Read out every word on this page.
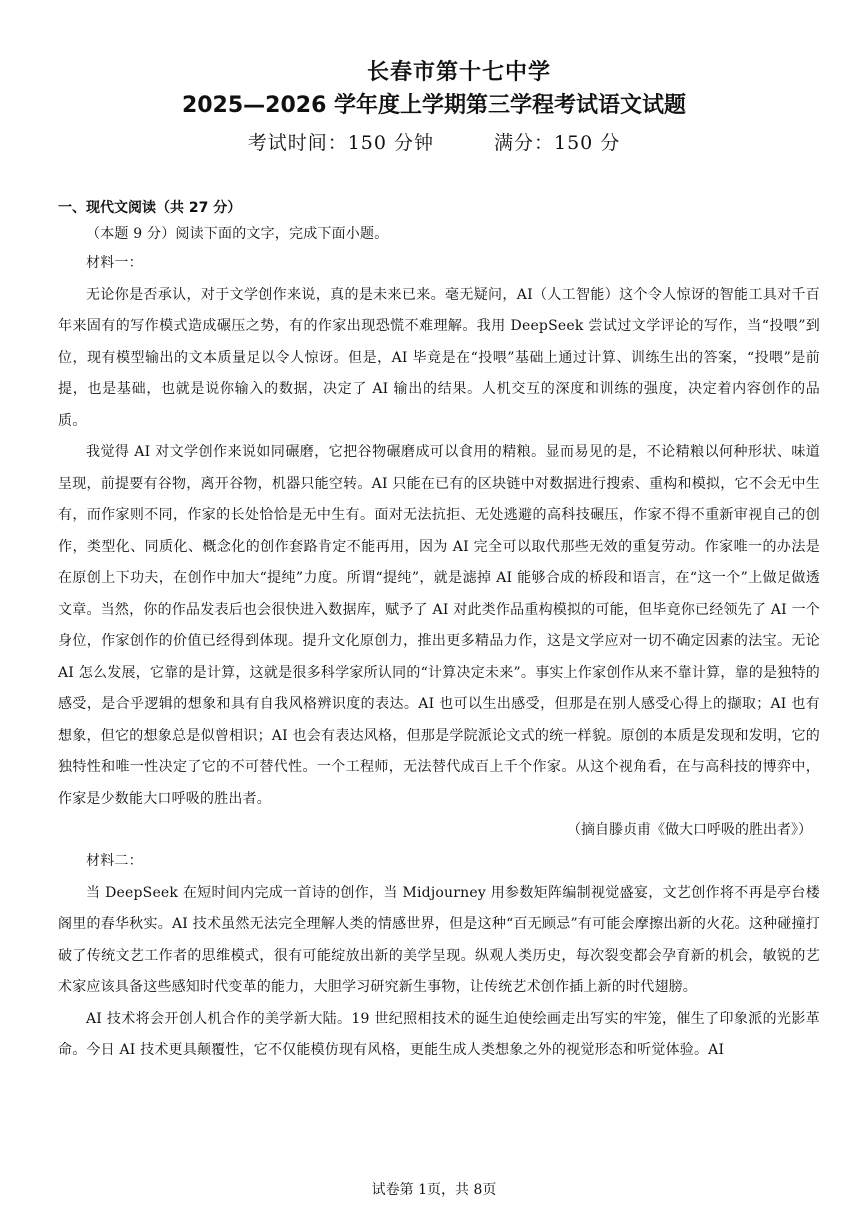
长春市第十七中学
2025—2026 学年度上学期第三学程考试语文试题
考试时间：150 分钟	满分：150 分

一、现代文阅读（共 27 分）

（本题 9 分）阅读下面的文字，完成下面小题。

材料一：

无论你是否承认，对于文学创作来说，真的是未来已来。毫无疑问，AI（人工智能）这个令人惊讶的智能工具对千百年来固有的写作模式造成碾压之势，有的作家出现恐慌不难理解。我用 DeepSeek 尝试过文学评论的写作，当“投喂”到位，现有模型输出的文本质量足以令人惊讶。但是，AI 毕竟是在“投喂”基础上通过计算、训练生出的答案，“投喂”是前提，也是基础，也就是说你输入的数据，决定了 AI 输出的结果。人机交互的深度和训练的强度，决定着内容创作的品质。

我觉得 AI 对文学创作来说如同碾磨，它把谷物碾磨成可以食用的精粮。显而易见的是，不论精粮以何种形状、味道呈现，前提要有谷物，离开谷物，机器只能空转。AI 只能在已有的区块链中对数据进行搜索、重构和模拟，它不会无中生有，而作家则不同，作家的长处恰恰是无中生有。面对无法抗拒、无处逃避的高科技碾压，作家不得不重新审视自己的创作，类型化、同质化、概念化的创作套路肯定不能再用，因为 AI 完全可以取代那些无效的重复劳动。作家唯一的办法是在原创上下功夫，在创作中加大“提纯”力度。所谓“提纯”，就是滤掉 AI 能够合成的桥段和语言，在“这一个”上做足做透文章。当然，你的作品发表后也会很快进入数据库，赋予了 AI 对此类作品重构模拟的可能，但毕竟你已经领先了 AI 一个身位，作家创作的价值已经得到体现。提升文化原创力，推出更多精品力作，这是文学应对一切不确定因素的法宝。无论 AI 怎么发展，它靠的是计算，这就是很多科学家所认同的“计算决定未来”。事实上作家创作从来不靠计算，靠的是独特的感受，是合乎逻辑的想象和具有自我风格辨识度的表达。AI 也可以生出感受，但那是在别人感受心得上的撷取；AI 也有想象，但它的想象总是似曾相识；AI 也会有表达风格，但那是学院派论文式的统一样貌。原创的本质是发现和发明，它的独特性和唯一性决定了它的不可替代性。一个工程师，无法替代成百上千个作家。从这个视角看，在与高科技的博弈中，作家是少数能大口呼吸的胜出者。

（摘自滕贞甫《做大口呼吸的胜出者》）

材料二：

当 DeepSeek 在短时间内完成一首诗的创作，当 Midjourney 用参数矩阵编制视觉盛宴，文艺创作将不再是亭台楼阁里的春华秋实。AI 技术虽然无法完全理解人类的情感世界，但是这种“百无顾忌”有可能会摩擦出新的火花。这种碰撞打破了传统文艺工作者的思维模式，很有可能绽放出新的美学呈现。纵观人类历史，每次裂变都会孕育新的机会，敏锐的艺术家应该具备这些感知时代变革的能力，大胆学习研究新生事物，让传统艺术创作插上新的时代翅膀。

AI 技术将会开创人机合作的美学新大陆。19 世纪照相技术的诞生迫使绘画走出写实的牢笼，催生了印象派的光影革命。今日 AI 技术更具颠覆性，它不仅能模仿现有风格，更能生成人类想象之外的视觉形态和听觉体验。AI

试卷第 1页，共 8页
